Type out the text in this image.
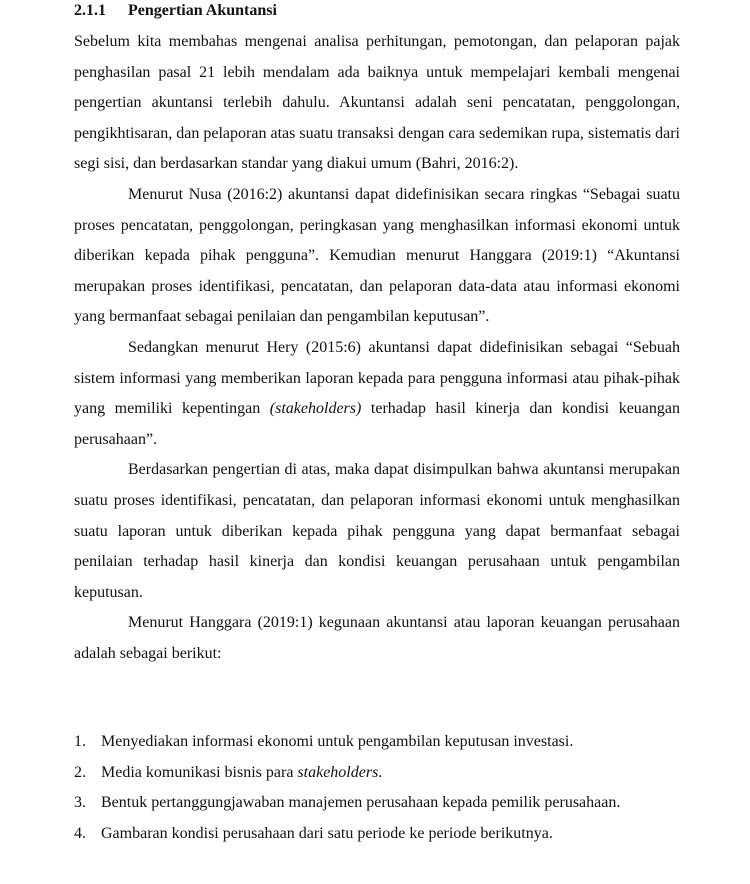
2.1.1 Pengertian Akuntansi

Sebelum kita membahas mengenai analisa perhitungan, pemotongan, dan pelaporan pajak penghasilan pasal 21 lebih mendalam ada baiknya untuk mempelajari kembali mengenai pengertian akuntansi terlebih dahulu. Akuntansi adalah seni pencatatan, penggolongan, pengikhtisaran, dan pelaporan atas suatu transaksi dengan cara sedemikan rupa, sistematis dari segi sisi, dan berdasarkan standar yang diakui umum (Bahri, 2016:2).

Menurut Nusa (2016:2) akuntansi dapat didefinisikan secara ringkas “Sebagai suatu proses pencatatan, penggolongan, peringkasan yang menghasilkan informasi ekonomi untuk diberikan kepada pihak pengguna”. Kemudian menurut Hanggara (2019:1) “Akuntansi merupakan proses identifikasi, pencatatan, dan pelaporan data-data atau informasi ekonomi yang bermanfaat sebagai penilaian dan pengambilan keputusan”.

Sedangkan menurut Hery (2015:6) akuntansi dapat didefinisikan sebagai “Sebuah sistem informasi yang memberikan laporan kepada para pengguna informasi atau pihak-pihak yang memiliki kepentingan (stakeholders) terhadap hasil kinerja dan kondisi keuangan perusahaan”.

Berdasarkan pengertian di atas, maka dapat disimpulkan bahwa akuntansi merupakan suatu proses identifikasi, pencatatan, dan pelaporan informasi ekonomi untuk menghasilkan suatu laporan untuk diberikan kepada pihak pengguna yang dapat bermanfaat sebagai penilaian terhadap hasil kinerja dan kondisi keuangan perusahaan untuk pengambilan keputusan.

Menurut Hanggara (2019:1) kegunaan akuntansi atau laporan keuangan perusahaan adalah sebagai berikut:

1. Menyediakan informasi ekonomi untuk pengambilan keputusan investasi.
2. Media komunikasi bisnis para stakeholders.
3. Bentuk pertanggungjawaban manajemen perusahaan kepada pemilik perusahaan.
4. Gambaran kondisi perusahaan dari satu periode ke periode berikutnya.
